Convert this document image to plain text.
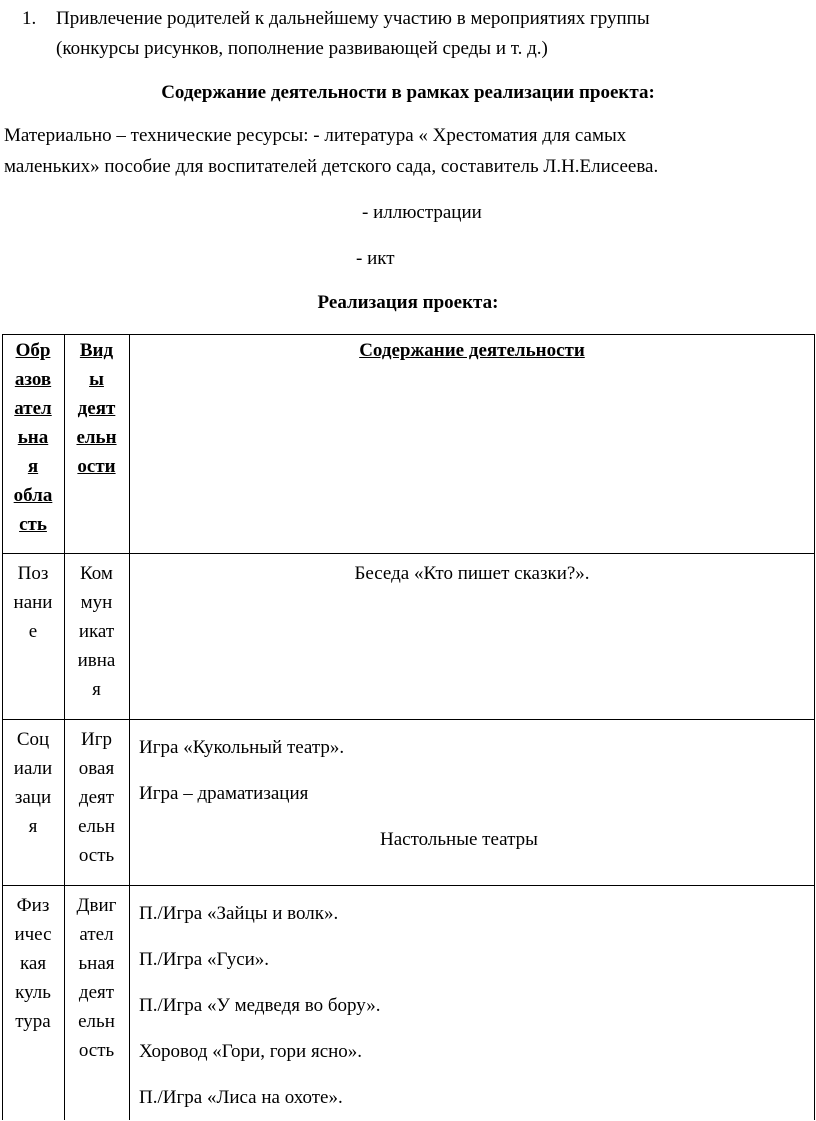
1. Привлечение родителей к дальнейшему участию в мероприятиях группы
(конкурсы рисунков, пополнение развивающей среды и т. д.)
Содержание деятельности в рамках реализации проекта:
Материально – технические ресурсы: - литература « Хрестоматия для самых
маленьких» пособие для воспитателей детского сада, составитель Л.Н.Елисеева.
- иллюстрации
- икт
Реализация проекта:
Обр
азов
ател
ьна
я
обла
сть
Вид
ы
деят
ельн
ости
Содержание деятельности
Поз
нани
е
Ком
мун
икат
ивна
я
Беседа «Кто пишет сказки?».
Соц
иали
заци
я
Игр
овая
деят
ельн
ость
Игра «Кукольный театр».
Игра – драматизация
Настольные театры
Физ
ичес
кая
куль
тура
Двиг
ател
ьная
деят
ельн
ость
П./Игра «Зайцы и волк».
П./Игра «Гуси».
П./Игра «У медведя во бору».
Хоровод «Гори, гори ясно».
П./Игра «Лиса на охоте».
